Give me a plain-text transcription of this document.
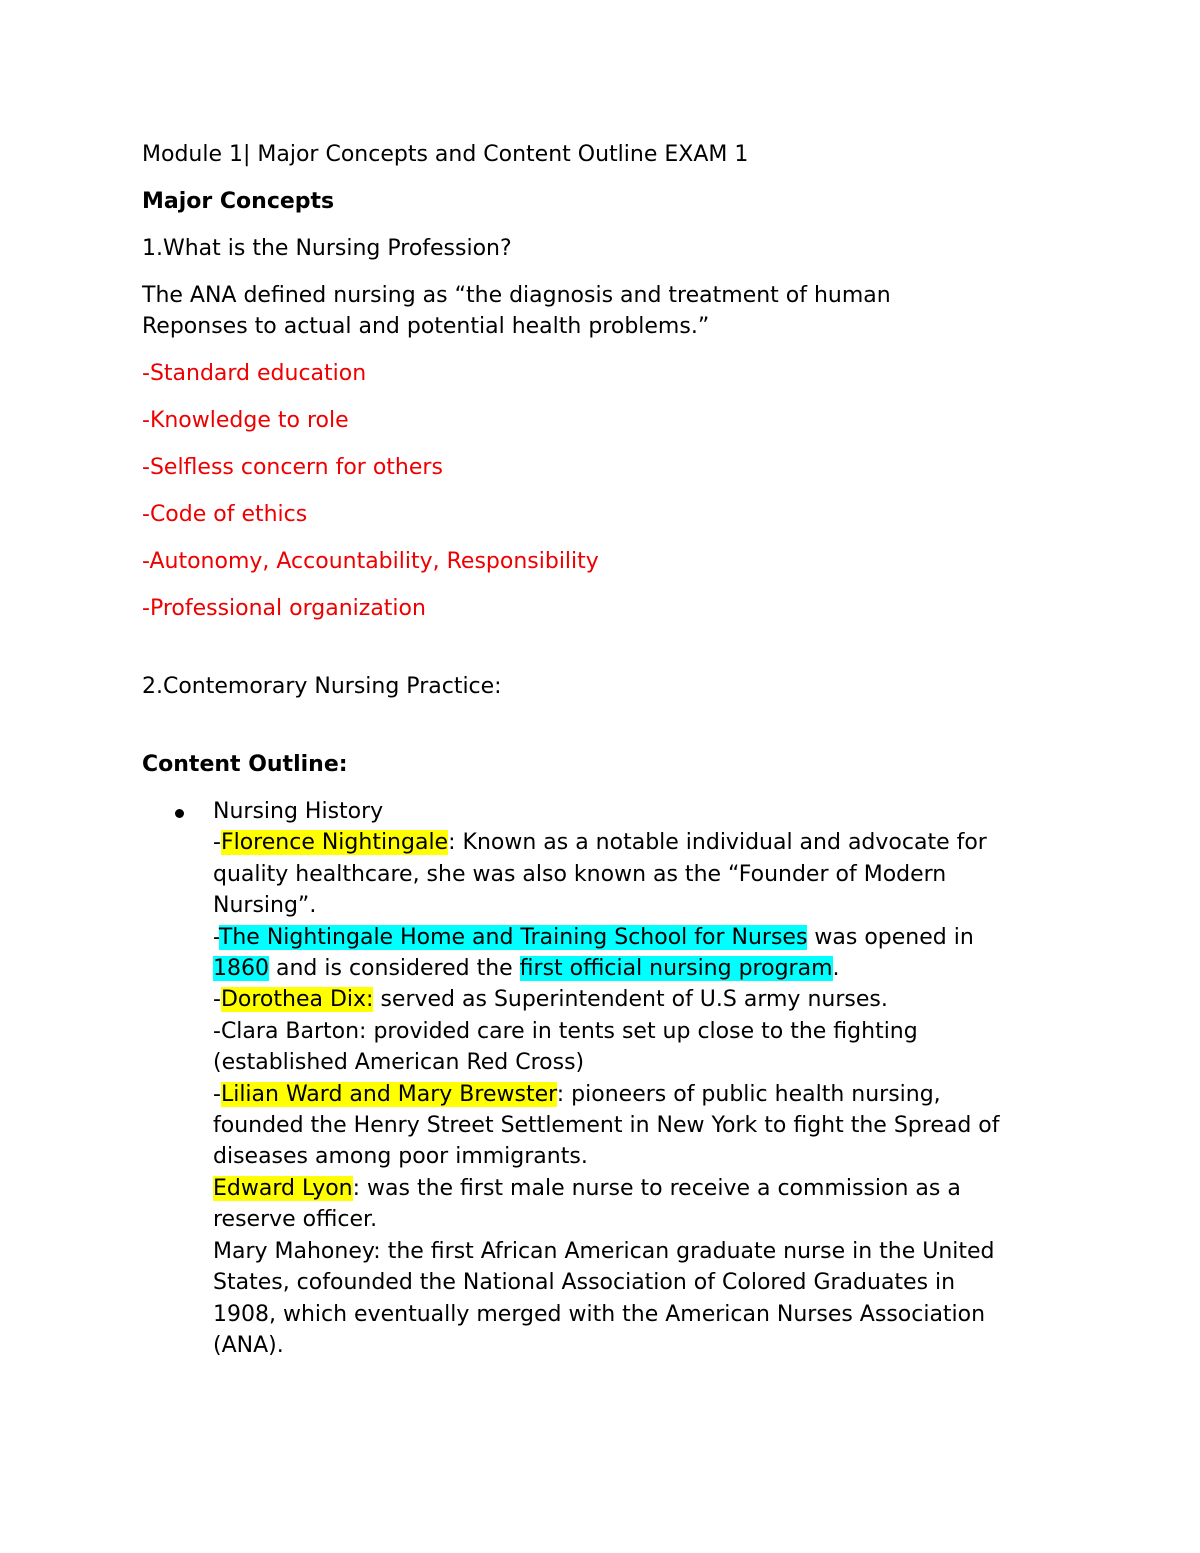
Module 1| Major Concepts and Content Outline EXAM 1

Major Concepts

1.What is the Nursing Profession?

The ANA defined nursing as “the diagnosis and treatment of human

Reponses to actual and potential health problems.”

-Standard education

-Knowledge to role

-Selfless concern for others

-Code of ethics

-Autonomy, Accountability, Responsibility

-Professional organization

2.Contemorary Nursing Practice:

Content Outline:

Nursing History
-Florence Nightingale: Known as a notable individual and advocate for
quality healthcare, she was also known as the “Founder of Modern
Nursing”.
-The Nightingale Home and Training School for Nurses was opened in
1860 and is considered the first official nursing program.
-Dorothea Dix: served as Superintendent of U.S army nurses.
-Clara Barton: provided care in tents set up close to the fighting
(established American Red Cross)
-Lilian Ward and Mary Brewster: pioneers of public health nursing,
founded the Henry Street Settlement in New York to fight the Spread of
diseases among poor immigrants.
Edward Lyon: was the first male nurse to receive a commission as a
reserve officer.
Mary Mahoney: the first African American graduate nurse in the United
States, cofounded the National Association of Colored Graduates in
1908, which eventually merged with the American Nurses Association
(ANA).
